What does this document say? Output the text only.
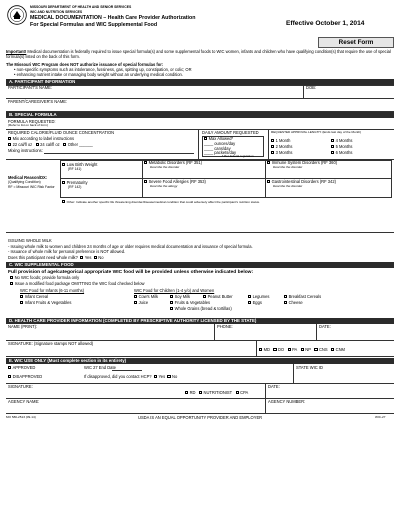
MISSOURI DEPARTMENT OF HEALTH AND SENIOR SERVICES
WIC AND NUTRITION SERVICES
MEDICAL DOCUMENTATION – Health Care Provider Authorization
For Special Formulas and WIC Supplemental Food	Effective October 1, 2014
Reset Form
Important! Medical documentation is federally required to issue special formula(s) and some supplemental foods to WIC women, infants and children who have qualifying condition(s) that require the use of special formula(s) listed on the back of this form.
The Missouri WIC Program does NOT authorize issuance of special formulas for:
• non-specific symptoms such as intolerance, fussiness, gas, spitting up, constipation, or colic; OR
• enhancing nutrient intake or managing body weight without an underlying medical condition.
A. PARTICIPANT INFORMATION
PARTICIPANT'S NAME:	DOB:
PARENT/CAREGIVER'S NAME:
B. SPECIAL FORMULA
FORMULA REQUESTED:
(Refer to list on back of form)
REQUIRED CALORIE/FLUID OUNCE CONCENTRATION
Mix according to label instructions
22 cal/fl oz 24 cal/fl oz Other ______
Mixing instructions:
DAILY AMOUNT REQUESTED
Max Allowed*
____ ounces/day
____ cans/day
____ packets/day
* Per federal regulation
REQUESTED APPROVAL LENGTH: (Ends last day of the Month)
1 Month	4 Months
2 Months	5 Months
3 Months	6 Months
Medical Reason/DX:
(Qualifying Condition)
RF = Missouri WIC Risk Factor
Low Birth Weight
(RF 141)
Prematurity
(RF 142)
Metabolic Disorders (RF 351)
Describe the disorder
Severe Food Allergies (RF 353)
Describe the allergy
Immune System Disorders (RF 360)
Describe the disorder
Gastrointestinal Disorders (RF 342)
Describe the disorder
Other: Indicate another specific life threatening disorder/disease/medical condition that could adversely affect the participant's nutrition status.
ISSUING WHOLE MILK
- Issuing whole milk to women and children 24 months of age or older requires medical documentation and issuance of special formula.
- Issuance of whole milk for personal preference is NOT allowed.
Does this participant need whole milk? Yes No
C. WIC SUPPLEMENTAL FOOD
Full provision of age/categorical appropriate WIC food will be provided unless otherwise indicated below:
No WIC foods; provide formula only
Issue a modified food package OMITTING the WIC food checked below
WIC Food for Infants (6-11 months)	WIC Food for Children (1-4 y/o) and Women
Infant Cereal
Infant Fruits & Vegetables
Cow's Milk	Soy Milk	Peanut Butter	Legumes	Breakfast Cereals
Juice	Fruits & Vegetables	Eggs	Cheese
Whole Grains (bread & tortillas)
D. HEALTH CARE PROVIDER INFORMATION (COMPLETED BY PRESCRIPTIVE AUTHORITY LICENSED BY THE STATE)
NAME (PRINT):	PHONE:	DATE:
SIGNATURE: (Signature stamps NOT allowed)
MD DO PA NP CNS CNM
E. WIC USE ONLY (Must complete section in its entirety)
APPROVED	WIC 27 End Date
DISAPPROVED	If disapproved, did you contact HCP? Yes No
STATE WIC ID
SIGNATURE:
RD NUTRITIONIST CPA
DATE:
AGENCY NAME:	AGENCY NUMBER:
MO 580-2513 (09-14)	USDA IS AN EQUAL OPPORTUNITY PROVIDER AND EMPLOYER	WIC-27
